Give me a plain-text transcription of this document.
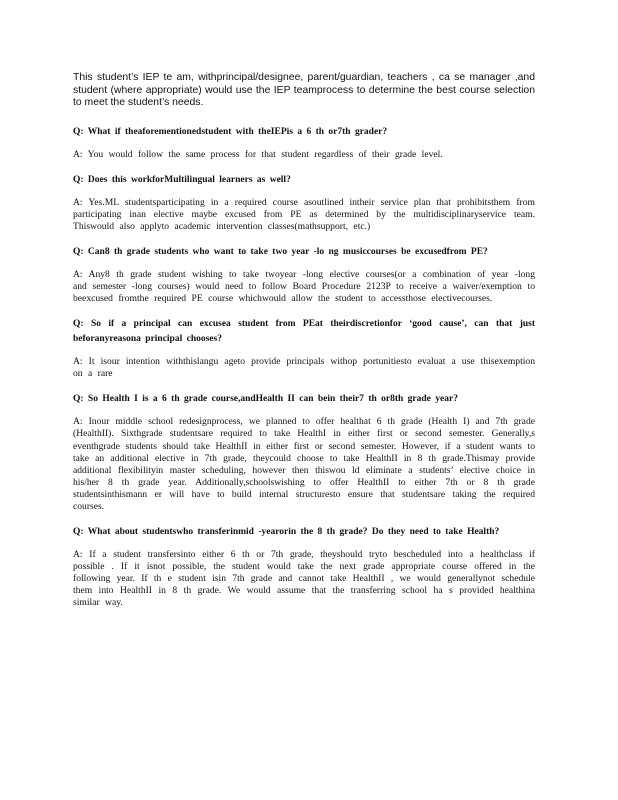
This student’s IEP te am, withprincipal/designee, parent/guardian, teachers , ca se manager ,and student (where appropriate) would use the IEP teamprocess to determine the best course selection to meet the student’s needs.

Q: What if theaforementionedstudent with theIEPis a 6 th or7th grader?

A: You would follow the same process for that student regardless of their grade level.

Q: Does this workforMultilingual learners as well?

A: Yes.ML studentsparticipating in a required course asoutlined intheir service plan that prohibitsthem from participating inan elective maybe excused from PE as determined by the multidisciplinaryservice team. Thiswould also applyto academic intervention classes(mathsupport, etc.)

Q: Can8 th grade students who want to take two year -lo ng musiccourses be excusedfrom PE?

A: Any8 th grade student wishing to take twoyear -long elective courses(or a combination of year -long and semester -long courses) would need to follow Board Procedure 2123P to receive a waiver/exemption to beexcused fromthe required PE course whichwould allow the student to accessthose electivecourses.

Q: So if a principal can excusea student from PEat theirdiscretionfor ‘good cause’, can that just beforanyreasona principal chooses?

A: It isour intention withthislangu ageto provide principals withop portunitiesto evaluat a use thisexemption on a rare

Q: So Health I is a 6 th grade course,andHealth II can bein their7 th or8th grade year?

A: Inour middle school redesignprocess, we planned to offer healthat 6 th grade (Health I) and 7th grade (HealthII). Sixthgrade studentsare required to take HealthI in either first or second semester. Generally,s eventhgrade students should take HealthII in either first or second semester. However, if a student wants to take an additional elective in 7th grade, theycould choose to take HealthII in 8 th grade.Thismay provide additional flexibilityin master scheduling, however then thiswou ld eliminate a students’ elective choice in his/her 8 th grade year. Additionally,schoolswishing to offer HealthII to either 7th or 8 th grade studentsinthismann er will have to build internal structuresto ensure that studentsare taking the required courses.

Q: What about studentswho transferinmid -yearorin the 8 th grade? Do they need to take Health?

A: If a student transfersinto either 6 th or 7th grade, theyshould tryto bescheduled into a healthclass if possible . If it isnot possible, the student would take the next grade appropriate course offered in the following year. If th e student isin 7th grade and cannot take HealthII , we would generallynot schedule them into HealthII in 8 th grade. We would assume that the transferring school ha s provided healthina similar way.
